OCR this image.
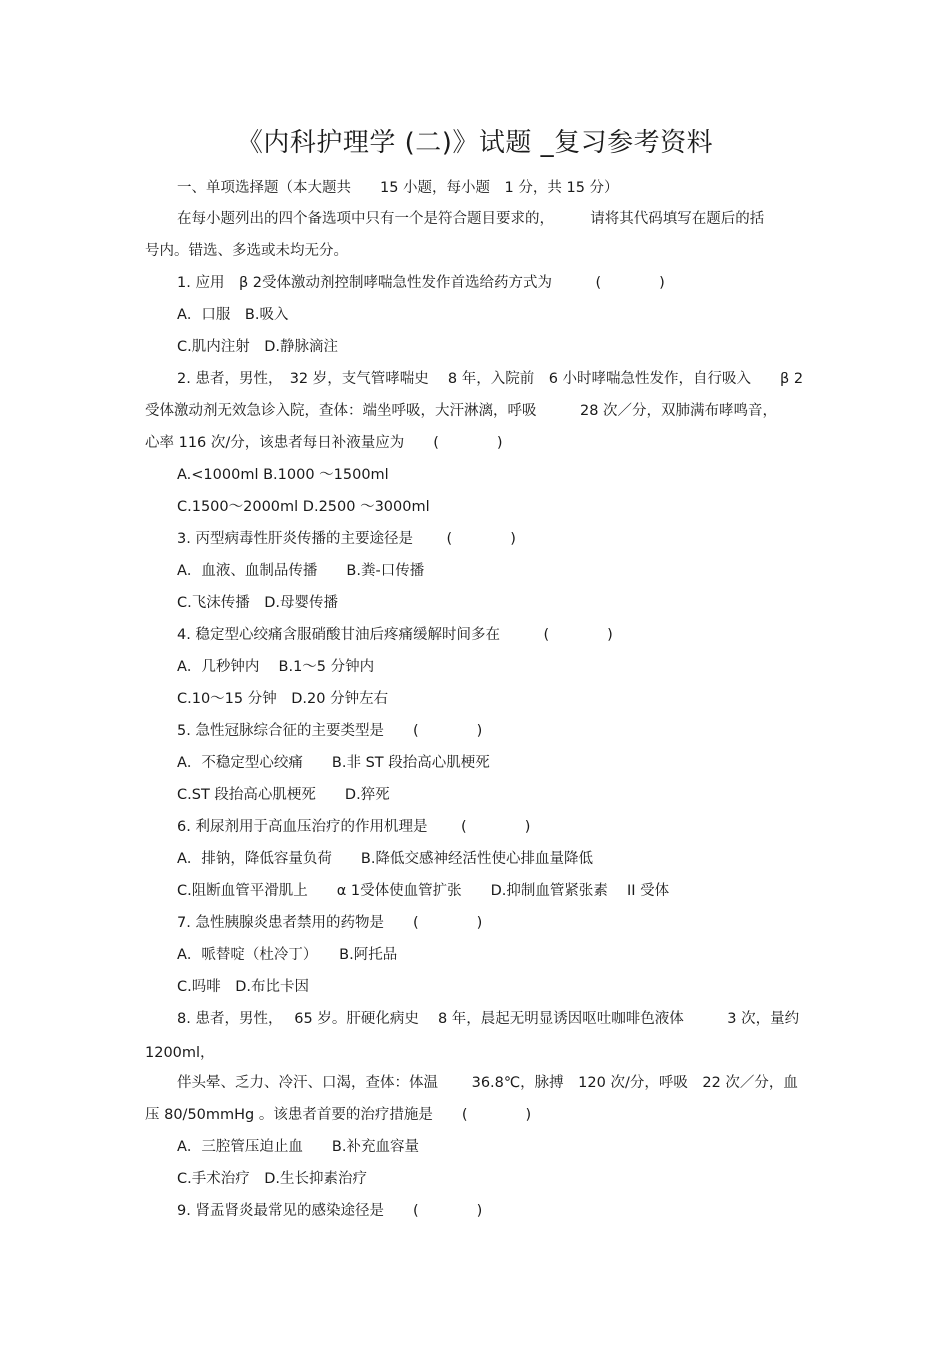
《内科护理学 (二)》试题 _复习参考资料
一、单项选择题（本大题共　　15 小题，每小题　1 分，共 15 分）
在每小题列出的四个备选项中只有一个是符合题目要求的，　　　请将其代码填写在题后的括
号内。错选、多选或未均无分。
1. 应用　β 2受体激动剂控制哮喘急性发作首选给药方式为　　　(　　　　)
A．口服　B.吸入
C.肌内注射　D.静脉滴注
2. 患者，男性，　32 岁，支气管哮喘史　 8 年，入院前　6 小时哮喘急性发作，自行吸入　　β 2
受体激动剂无效急诊入院，查体：端坐呼吸，大汗淋漓，呼吸　　　28 次／分，双肺满布哮鸣音，
心率 116 次/分，该患者每日补液量应为　　(　　　　)
A.<1000ml B.1000 ～1500ml
C.1500～2000ml D.2500 ～3000ml
3. 丙型病毒性肝炎传播的主要途径是　　 (　　　　)
A．血液、血制品传播　　B.粪-口传播
C.飞沫传播　D.母婴传播
4. 稳定型心绞痛含服硝酸甘油后疼痛缓解时间多在　　　(　　　　)
A．几秒钟内　 B.1～5 分钟内
C.10～15 分钟　D.20 分钟左右
5. 急性冠脉综合征的主要类型是　　(　　　　)
A．不稳定型心绞痛　　B.非 ST 段抬高心肌梗死
C.ST 段抬高心肌梗死　　D.猝死
6. 利尿剂用于高血压治疗的作用机理是　　 (　　　　)
A．排钠，降低容量负荷　　B.降低交感神经活性使心排血量降低
C.阻断血管平滑肌上　　α 1受体使血管扩张　　D.抑制血管紧张素　 II 受体
7. 急性胰腺炎患者禁用的药物是　　(　　　　)
A．哌替啶（杜冷丁）　　B.阿托品
C.吗啡　D.布比卡因
8. 患者，男性，　 65 岁。肝硬化病史　 8 年，晨起无明显诱因呕吐咖啡色液体　　　3 次，量约
1200ml，
伴头晕、乏力、冷汗、口渴，查体：体温　　 36.8℃，脉搏　120 次/分，呼吸　22 次／分，血
压 80/50mmHg 。该患者首要的治疗措施是　　(　　　　)
A．三腔管压迫止血　　B.补充血容量
C.手术治疗　D.生长抑素治疗
9. 肾盂肾炎最常见的感染途径是　　(　　　　)
